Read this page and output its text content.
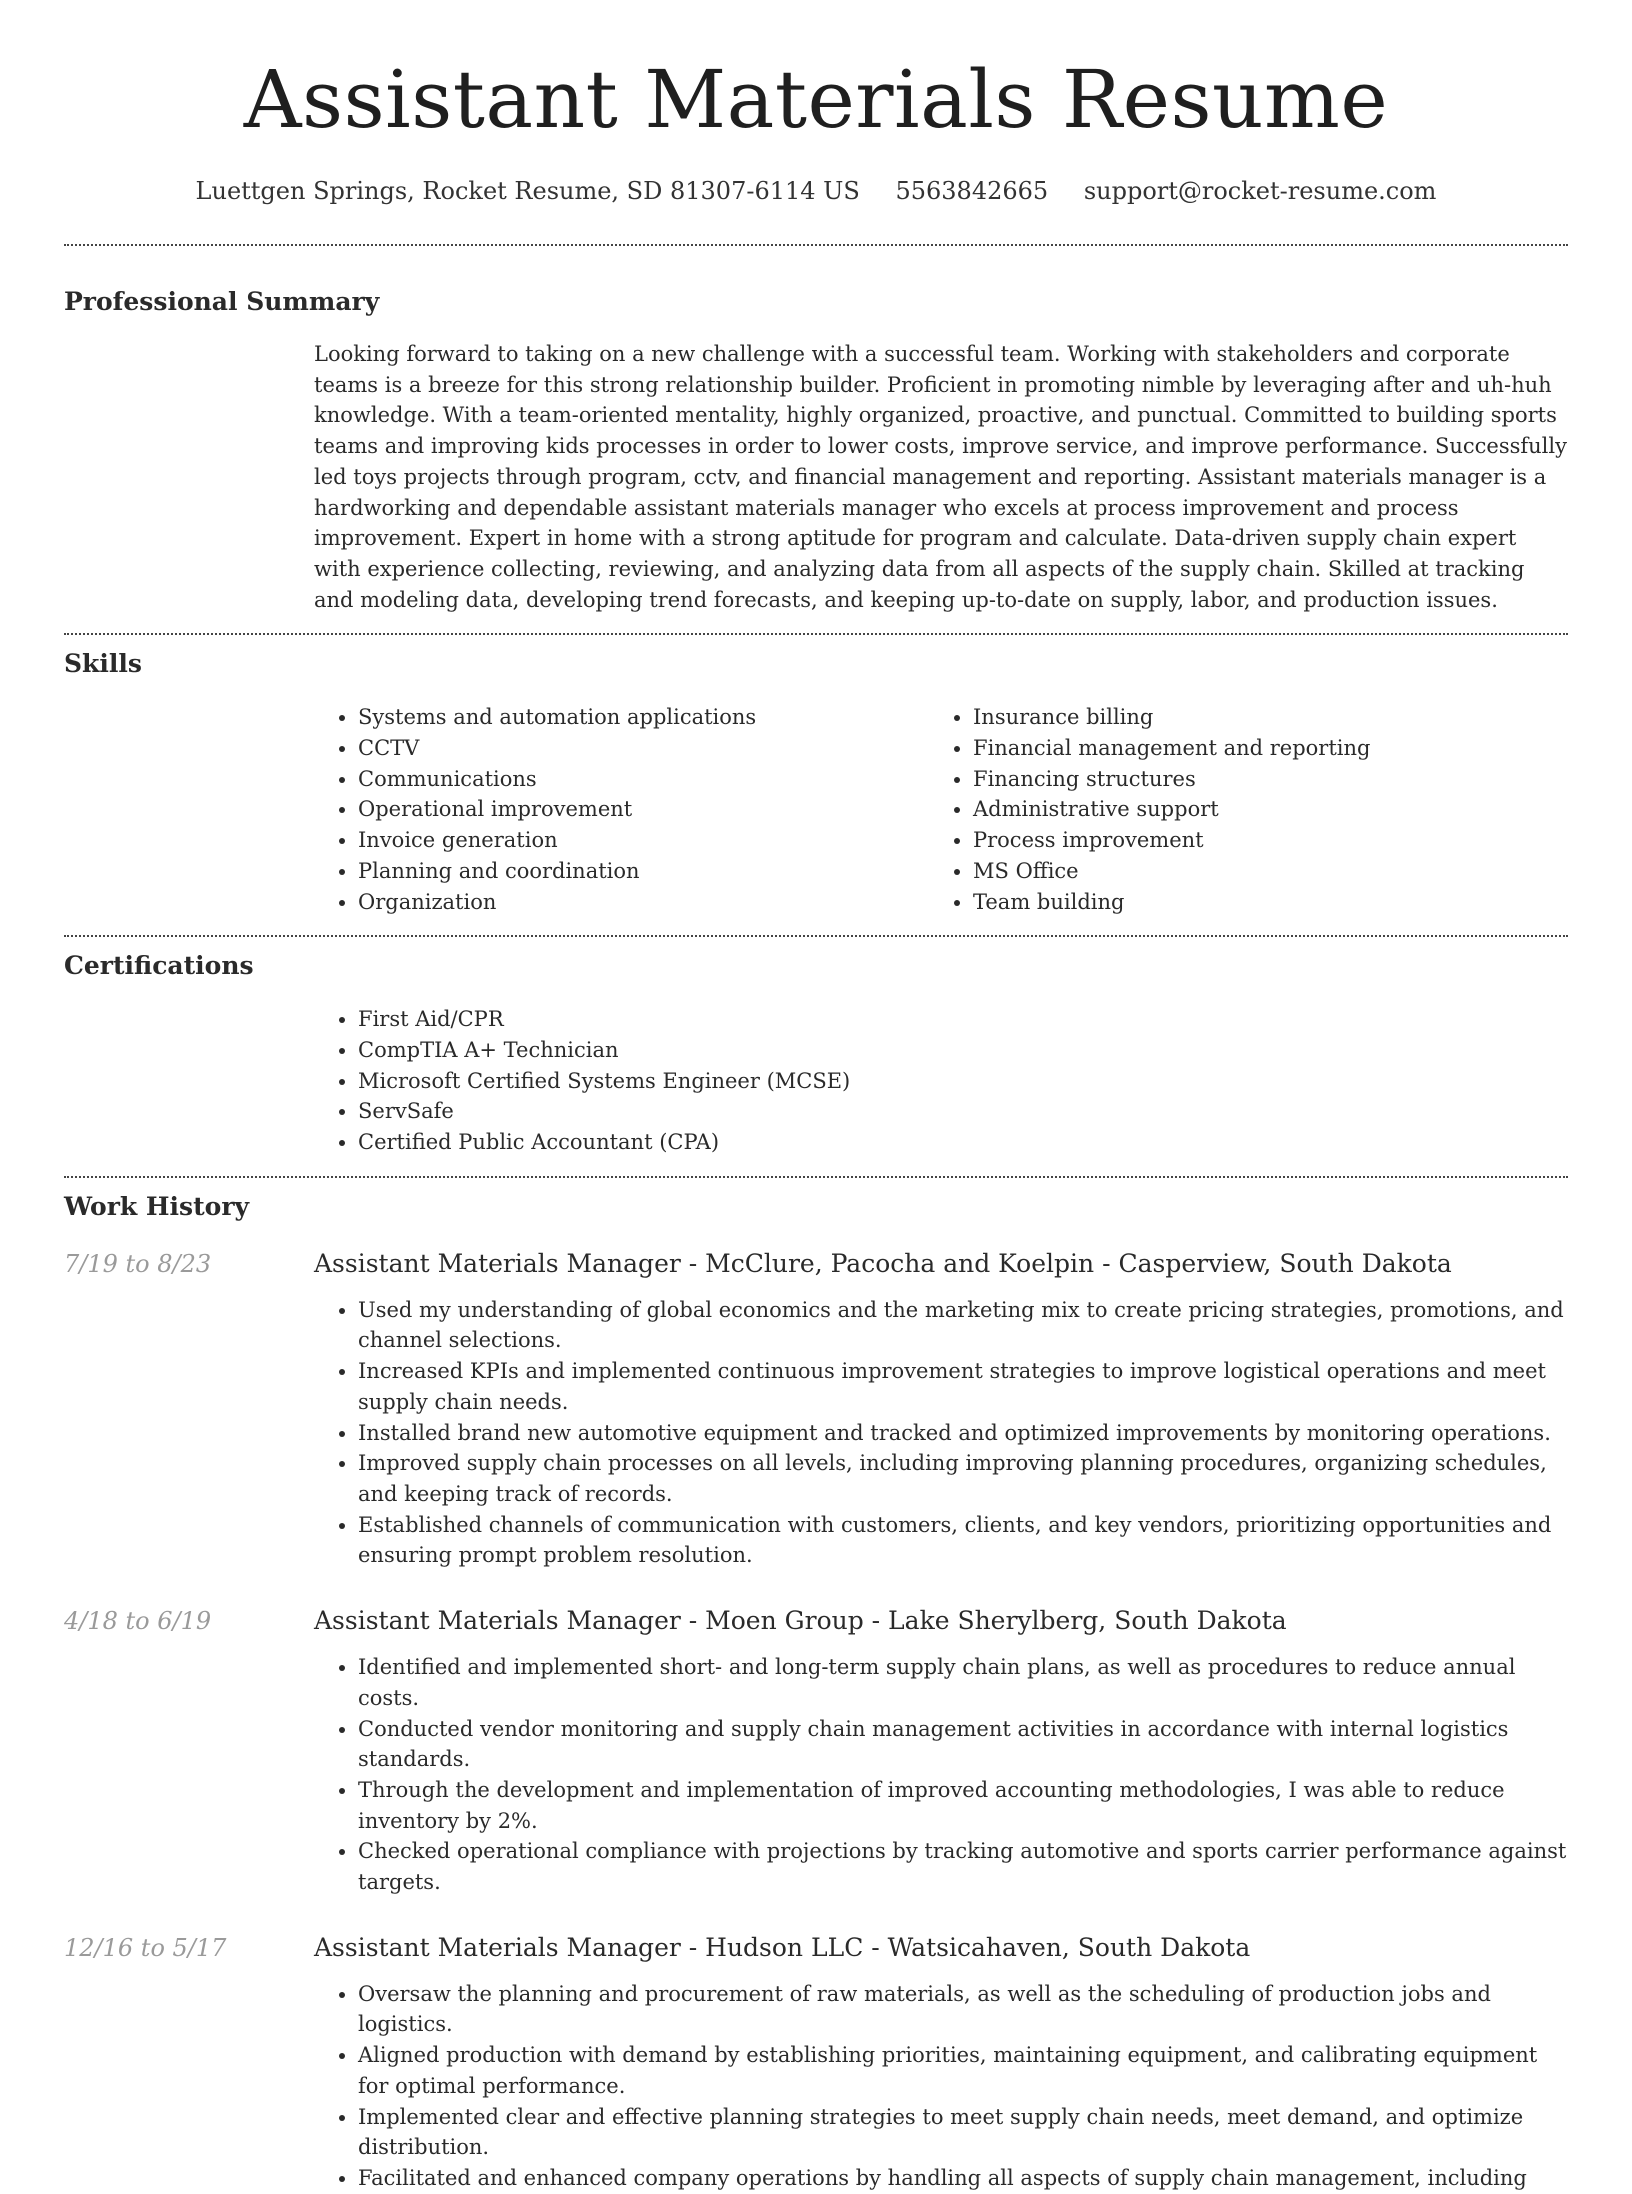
Assistant Materials Resume
Luettgen Springs, Rocket Resume, SD 81307-6114 US 5563842665 support@rocket-resume.com
Professional Summary

Looking forward to taking on a new challenge with a successful team. Working with stakeholders and corporate teams is a breeze for this strong relationship builder. Proficient in promoting nimble by leveraging after and uh-huh knowledge. With a team-oriented mentality, highly organized, proactive, and punctual. Committed to building sports teams and improving kids processes in order to lower costs, improve service, and improve performance. Successfully led toys projects through program, cctv, and financial management and reporting. Assistant materials manager is a hardworking and dependable assistant materials manager who excels at process improvement and process improvement. Expert in home with a strong aptitude for program and calculate. Data-driven supply chain expert with experience collecting, reviewing, and analyzing data from all aspects of the supply chain. Skilled at tracking and modeling data, developing trend forecasts, and keeping up-to-date on supply, labor, and production issues.

Skills
• Systems and automation applications
• CCTV
• Communications
• Operational improvement
• Invoice generation
• Planning and coordination
• Organization
• Insurance billing
• Financial management and reporting
• Financing structures
• Administrative support
• Process improvement
• MS Office
• Team building
Certifications
• First Aid/CPR
• CompTIA A+ Technician
• Microsoft Certified Systems Engineer (MCSE)
• ServSafe
• Certified Public Accountant (CPA)
Work History
7/19 to 8/23	Assistant Materials Manager - McClure, Pacocha and Koelpin - Casperview, South Dakota
• Used my understanding of global economics and the marketing mix to create pricing strategies, promotions, and channel selections.
• Increased KPIs and implemented continuous improvement strategies to improve logistical operations and meet supply chain needs.
• Installed brand new automotive equipment and tracked and optimized improvements by monitoring operations.
• Improved supply chain processes on all levels, including improving planning procedures, organizing schedules, and keeping track of records.
• Established channels of communication with customers, clients, and key vendors, prioritizing opportunities and ensuring prompt problem resolution.
4/18 to 6/19	Assistant Materials Manager - Moen Group - Lake Sherylberg, South Dakota
• Identified and implemented short- and long-term supply chain plans, as well as procedures to reduce annual costs.
• Conducted vendor monitoring and supply chain management activities in accordance with internal logistics standards.
• Through the development and implementation of improved accounting methodologies, I was able to reduce inventory by 2%.
• Checked operational compliance with projections by tracking automotive and sports carrier performance against targets.
12/16 to 5/17	Assistant Materials Manager - Hudson LLC - Watsicahaven, South Dakota
• Oversaw the planning and procurement of raw materials, as well as the scheduling of production jobs and logistics.
• Aligned production with demand by establishing priorities, maintaining equipment, and calibrating equipment for optimal performance.
• Implemented clear and effective planning strategies to meet supply chain needs, meet demand, and optimize distribution.
• Facilitated and enhanced company operations by handling all aspects of supply chain management, including
